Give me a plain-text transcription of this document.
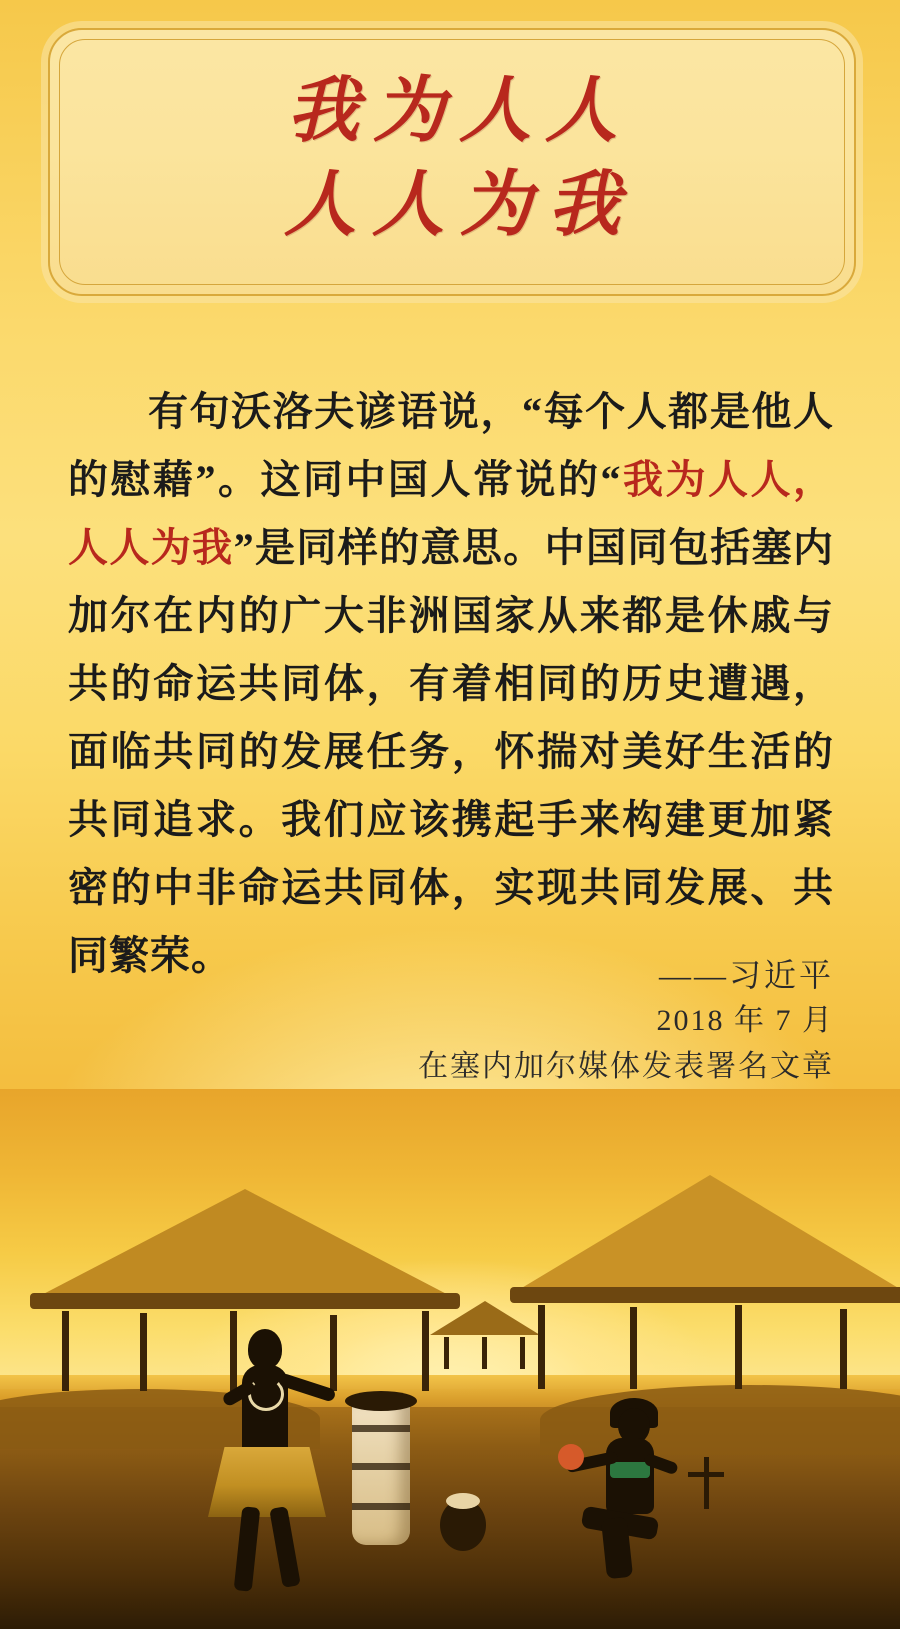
我为人人
人人为我

有句沃洛夫谚语说，“每个人都是他人的慰藉”。这同中国人常说的“我为人人，人人为我”是同样的意思。中国同包括塞内加尔在内的广大非洲国家从来都是休戚与共的命运共同体，有着相同的历史遭遇，面临共同的发展任务，怀揣对美好生活的共同追求。我们应该携起手来构建更加紧密的中非命运共同体，实现共同发展、共同繁荣。	——习近平
2018 年 7 月
在塞内加尔媒体发表署名文章
